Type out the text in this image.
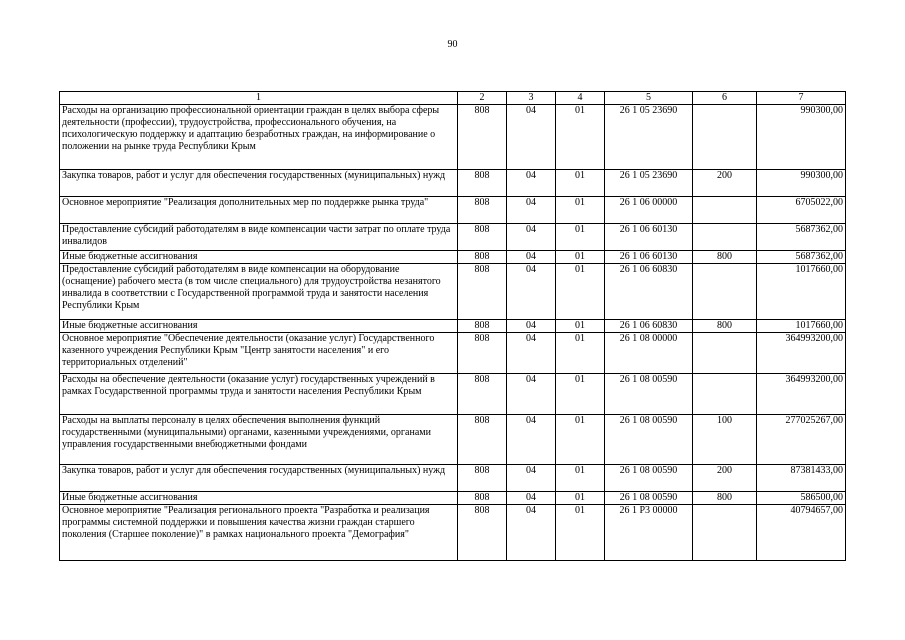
90
1	2	3	4	5	6	7
Расходы на организацию профессиональной ориентации граждан в целях выбора сферы деятельности (профессии), трудоустройства, профессионального обучения, на психологическую поддержку и адаптацию безработных граждан, на информирование о положении на рынке труда Республики Крым	808	04	01	26 1 05 23690		990300,00
Закупка товаров, работ и услуг для обеспечения государственных (муниципальных) нужд	808	04	01	26 1 05 23690	200	990300,00
Основное мероприятие "Реализация дополнительных мер по поддержке рынка труда"	808	04	01	26 1 06 00000		6705022,00
Предоставление субсидий работодателям в виде компенсации части затрат по оплате труда инвалидов	808	04	01	26 1 06 60130		5687362,00
Иные бюджетные ассигнования	808	04	01	26 1 06 60130	800	5687362,00
Предоставление субсидий работодателям в виде компенсации на оборудование (оснащение) рабочего места (в том числе специального) для трудоустройства незанятого инвалида в соответствии с Государственной программой труда и занятости населения Республики Крым	808	04	01	26 1 06 60830		1017660,00
Иные бюджетные ассигнования	808	04	01	26 1 06 60830	800	1017660,00
Основное мероприятие "Обеспечение деятельности (оказание услуг) Государственного казенного учреждения Республики Крым "Центр занятости населения" и его территориальных отделений"	808	04	01	26 1 08 00000		364993200,00
Расходы на обеспечение деятельности (оказание услуг) государственных учреждений в рамках Государственной программы труда и занятости населения Республики Крым	808	04	01	26 1 08 00590		364993200,00
Расходы на выплаты персоналу в целях обеспечения выполнения функций государственными (муниципальными) органами, казенными учреждениями, органами управления государственными внебюджетными фондами	808	04	01	26 1 08 00590	100	277025267,00
Закупка товаров, работ и услуг для обеспечения государственных (муниципальных) нужд	808	04	01	26 1 08 00590	200	87381433,00
Иные бюджетные ассигнования	808	04	01	26 1 08 00590	800	586500,00
Основное мероприятие "Реализация регионального проекта "Разработка и реализация программы системной поддержки и повышения качества жизни граждан старшего поколения (Старшее поколение)" в рамках национального проекта "Демография"	808	04	01	26 1 P3 00000		40794657,00
